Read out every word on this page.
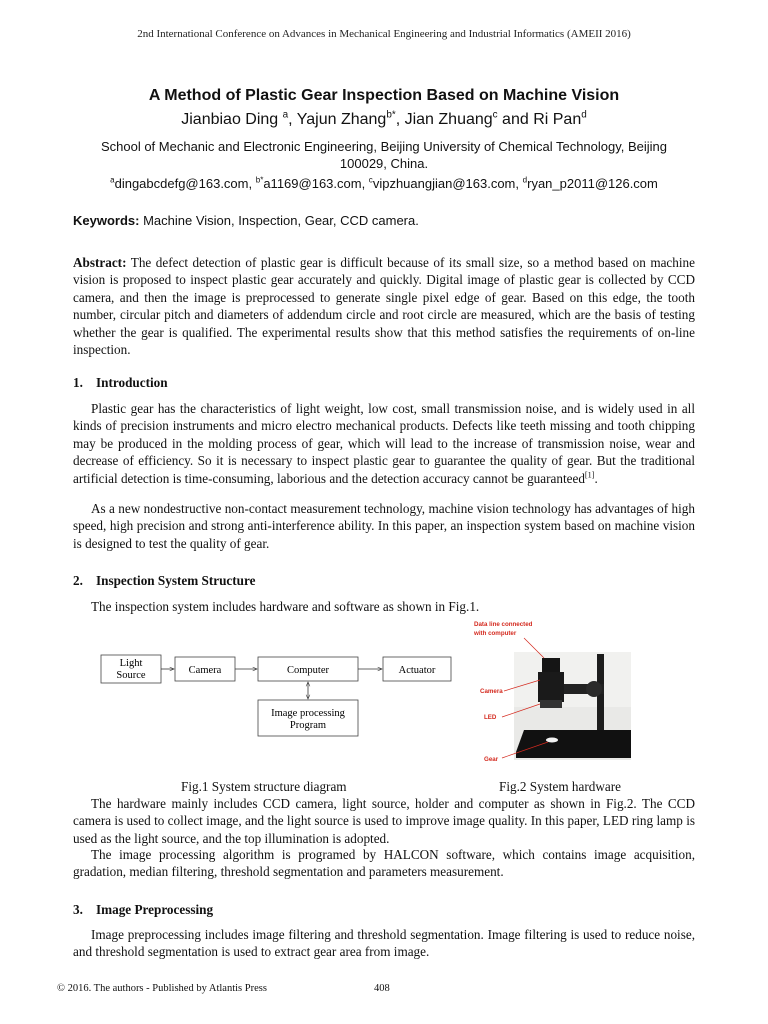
2nd International Conference on Advances in Mechanical Engineering and Industrial Informatics (AMEII 2016)
A Method of Plastic Gear Inspection Based on Machine Vision
Jianbiao Ding $^a$, Yajun Zhang$^{b*}$, Jian Zhuang$^c$ and Ri Pan$^d$
School of Mechanic and Electronic Engineering, Beijing University of Chemical Technology, Beijing
100029, China.
$^a$dingabcdefg@163.com, $^{b*}$a1169@163.com, $^c$vipzhuangjian@163.com, $^d$ryan_p2011@126.com
Keywords: Machine Vision, Inspection, Gear, CCD camera.
Abstract: The defect detection of plastic gear is difficult because of its small size, so a method based on machine vision is proposed to inspect plastic gear accurately and quickly. Digital image of plastic gear is collected by CCD camera, and then the image is preprocessed to generate single pixel edge of gear. Based on this edge, the tooth number, circular pitch and diameters of addendum circle and root circle are measured, which are the basis of testing whether the gear is qualified. The experimental results show that this method satisfies the requirements of on-line inspection.
1. Introduction
Plastic gear has the characteristics of light weight, low cost, small transmission noise, and is widely used in all kinds of precision instruments and micro electro mechanical products. Defects like teeth missing and tooth chipping may be produced in the molding process of gear, which will lead to the increase of transmission noise, wear and decrease of efficiency. So it is necessary to inspect plastic gear to guarantee the quality of gear. But the traditional artificial detection is time-consuming, laborious and the detection accuracy cannot be guaranteed[1].
As a new nondestructive non-contact measurement technology, machine vision technology has advantages of high speed, high precision and strong anti-interference ability. In this paper, an inspection system based on machine vision is designed to test the quality of gear.
2. Inspection System Structure
The inspection system includes hardware and software as shown in Fig.1.
Light
Source	Camera	Computer	Actuator
Image processing
Program
Data line connected
with computer
Camera
LED
Gear
Fig.1 System structure diagram	Fig.2 System hardware
The hardware mainly includes CCD camera, light source, holder and computer as shown in Fig.2. The CCD camera is used to collect image, and the light source is used to improve image quality. In this paper, LED ring lamp is used as the light source, and the top illumination is adopted.
The image processing algorithm is programed by HALCON software, which contains image acquisition, gradation, median filtering, threshold segmentation and parameters measurement.
3. Image Preprocessing
Image preprocessing includes image filtering and threshold segmentation. Image filtering is used to reduce noise, and threshold segmentation is used to extract gear area from image.
© 2016. The authors - Published by Atlantis Press	408
